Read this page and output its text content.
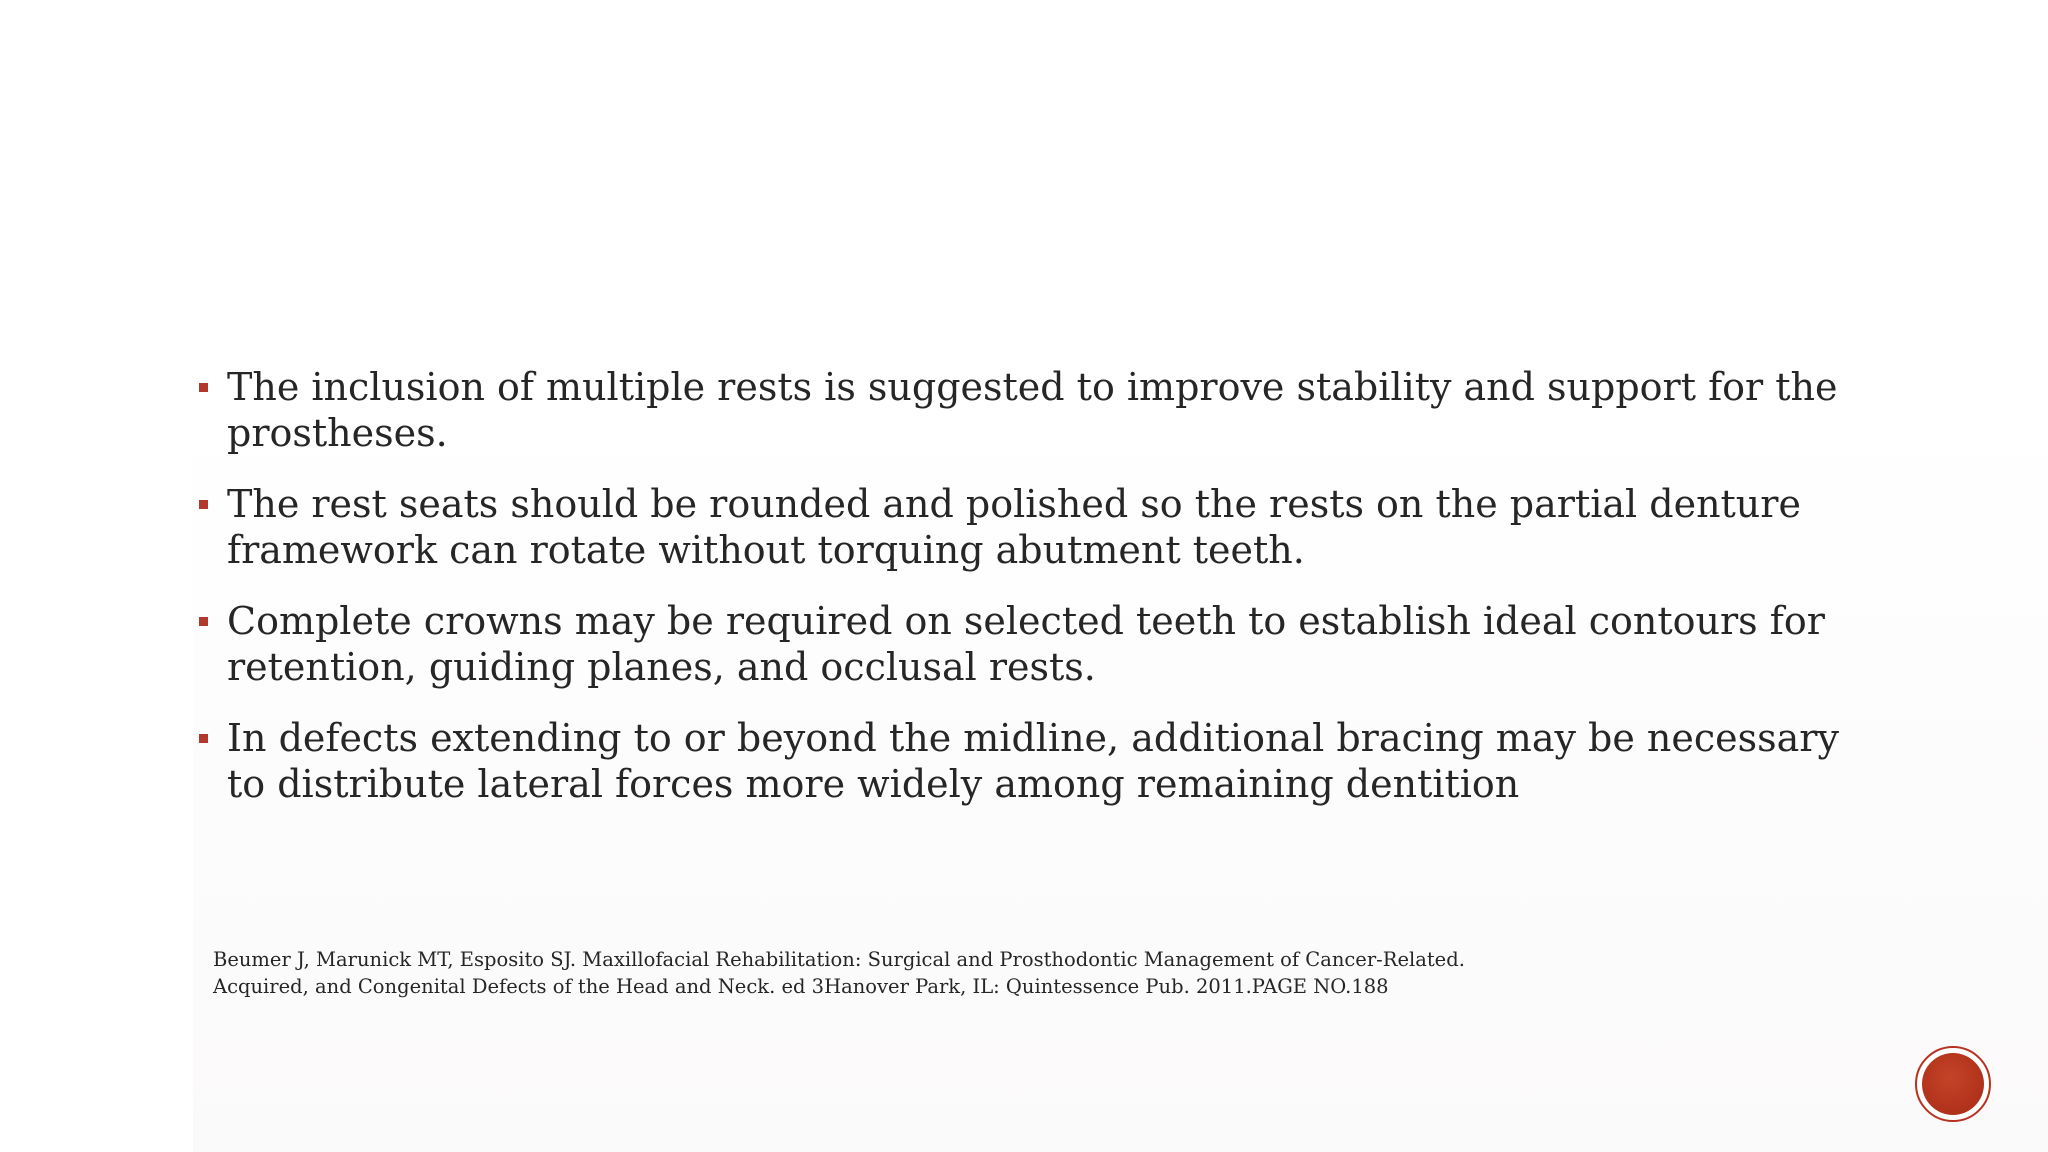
The inclusion of multiple rests is suggested to improve stability and support for the prostheses.
The rest seats should be rounded and polished so the rests on the partial denture framework can rotate without torquing abutment teeth.
Complete crowns may be required on selected teeth to establish ideal contours for retention, guiding planes, and occlusal rests.
In defects extending to or beyond the midline, additional bracing may be necessary to distribute lateral forces more widely among remaining dentition
Beumer J, Marunick MT, Esposito SJ. Maxillofacial Rehabilitation: Surgical and Prosthodontic Management of Cancer-Related.
Acquired, and Congenital Defects of the Head and Neck. ed 3Hanover Park, IL: Quintessence Pub. 2011.PAGE NO.188
